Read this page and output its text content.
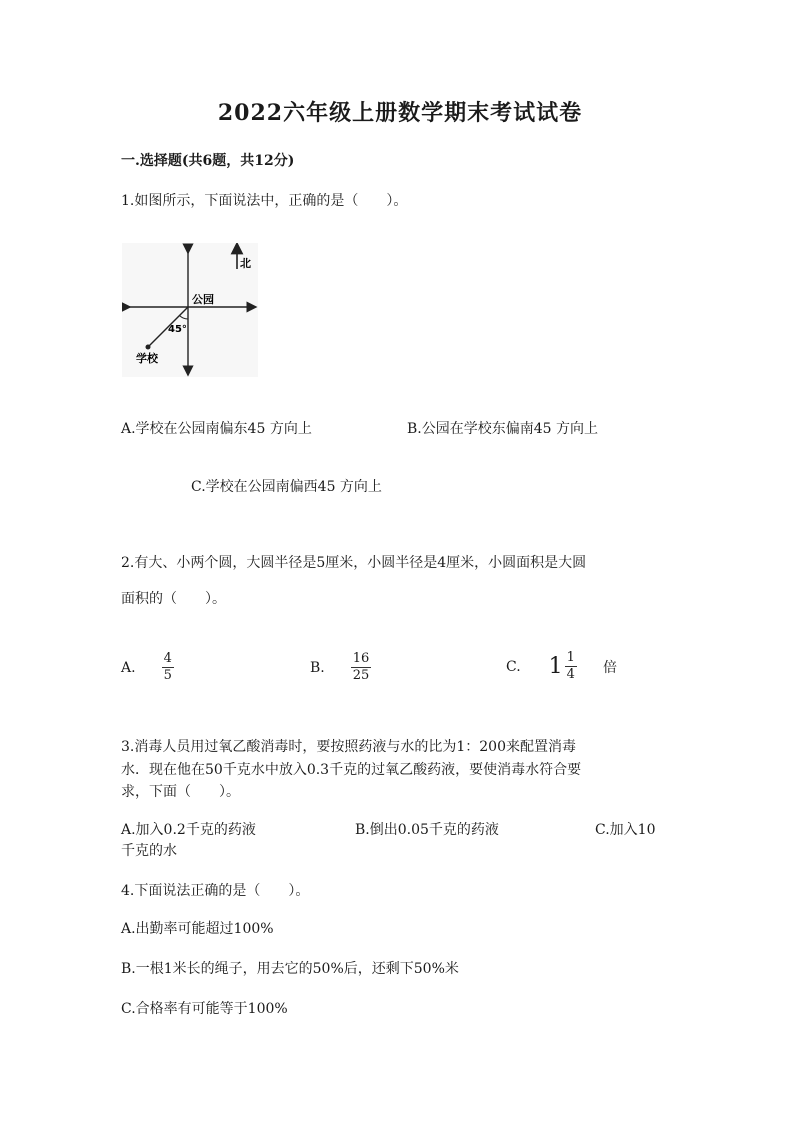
2022六年级上册数学期末考试试卷
一.选择题(共6题，共12分)
1.如图所示，下面说法中，正确的是（　　）。
北
公园
45°
学校
A.学校在公园南偏东45 方向上	B.公园在学校东偏南45 方向上
C.学校在公园南偏西45 方向上
2.有大、小两个圆，大圆半径是5厘米，小圆半径是4厘米，小圆面积是大圆
面积的（　　）。
A. $\frac{4}{5}$	B. $\frac{16}{25}$	C. $1 \frac{1}{4}$ 倍
3.消毒人员用过氧乙酸消毒时，要按照药液与水的比为1：200来配置消毒
水．现在他在50千克水中放入0.3千克的过氧乙酸药液，要使消毒水符合要
求，下面（　　）。
A.加入0.2千克的药液	B.倒出0.05千克的药液	C.加入10
千克的水
4.下面说法正确的是（　　）。
A.出勤率可能超过100%
B.一根1米长的绳子，用去它的50%后，还剩下50%米
C.合格率有可能等于100%
